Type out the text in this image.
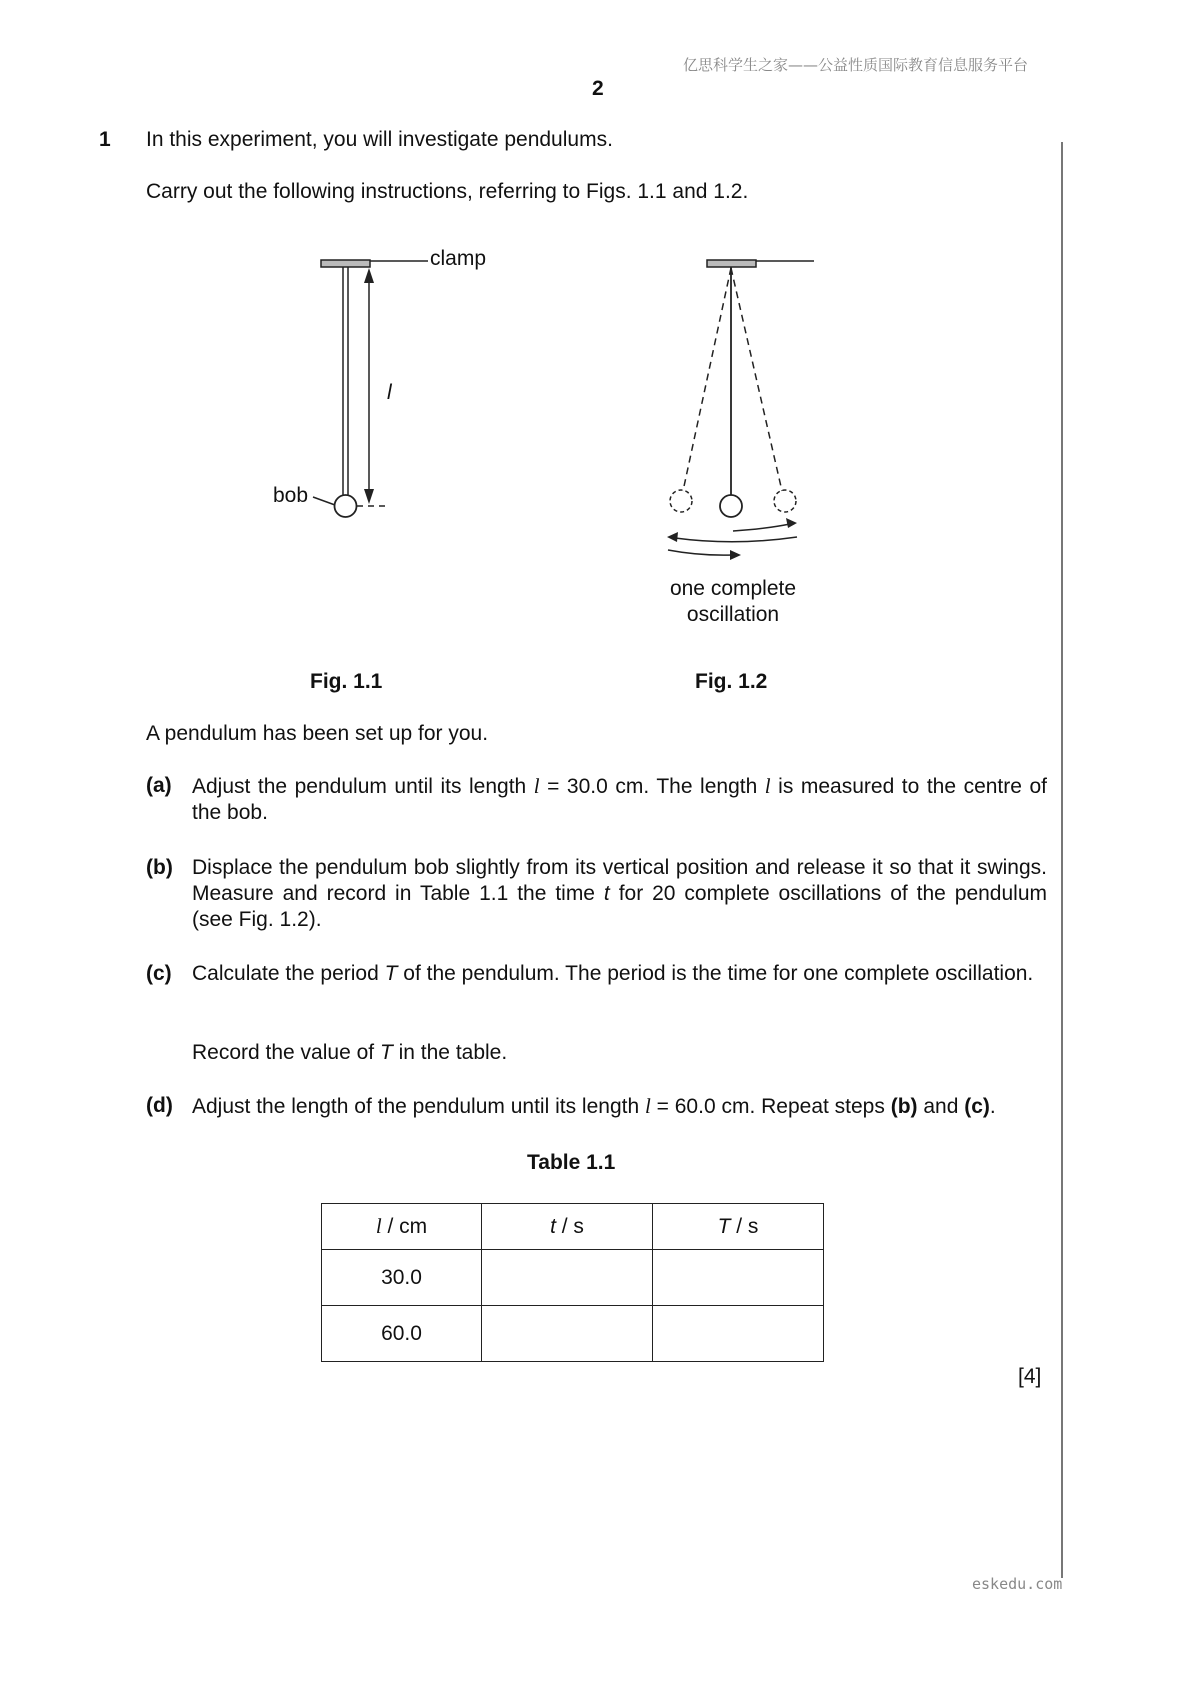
亿思科学生之家——公益性质国际教育信息服务平台
2
1 In this experiment, you will investigate pendulums.
Carry out the following instructions, referring to Figs. 1.1 and 1.2.
clamp
l
bob
one complete
oscillation
Fig. 1.1	Fig. 1.2
A pendulum has been set up for you.
(a) Adjust the pendulum until its length l = 30.0 cm. The length l is measured to the centre of the bob.
(b) Displace the pendulum bob slightly from its vertical position and release it so that it swings. Measure and record in Table 1.1 the time t for 20 complete oscillations of the pendulum (see Fig. 1.2).
(c) Calculate the period T of the pendulum. The period is the time for one complete oscillation.
Record the value of T in the table.
(d) Adjust the length of the pendulum until its length l = 60.0 cm. Repeat steps (b) and (c).
Table 1.1
l / cm	t / s	T / s
30.0		
60.0		
[4]
eskedu.com
